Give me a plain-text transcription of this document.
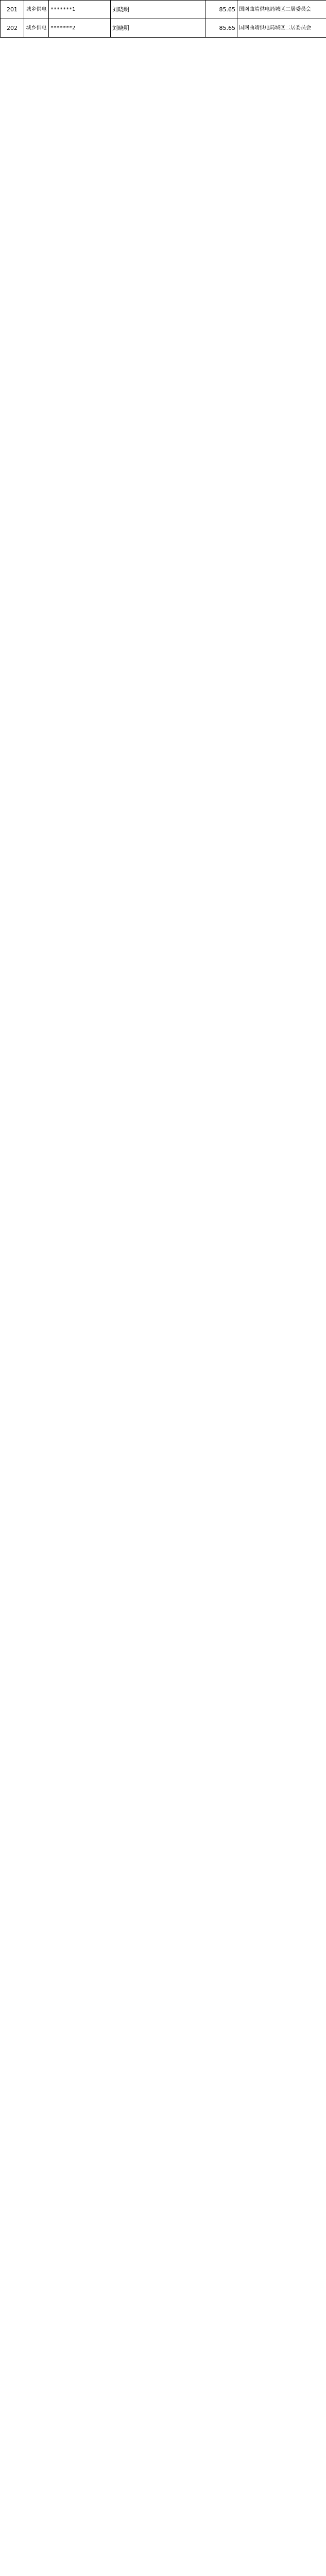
201	城乡供电	*******1	刘晓明	85.65	国网曲靖供电局城区二居委员会
202	城乡供电	*******2	刘晓明	85.65	国网曲靖供电局城区二居委员会
